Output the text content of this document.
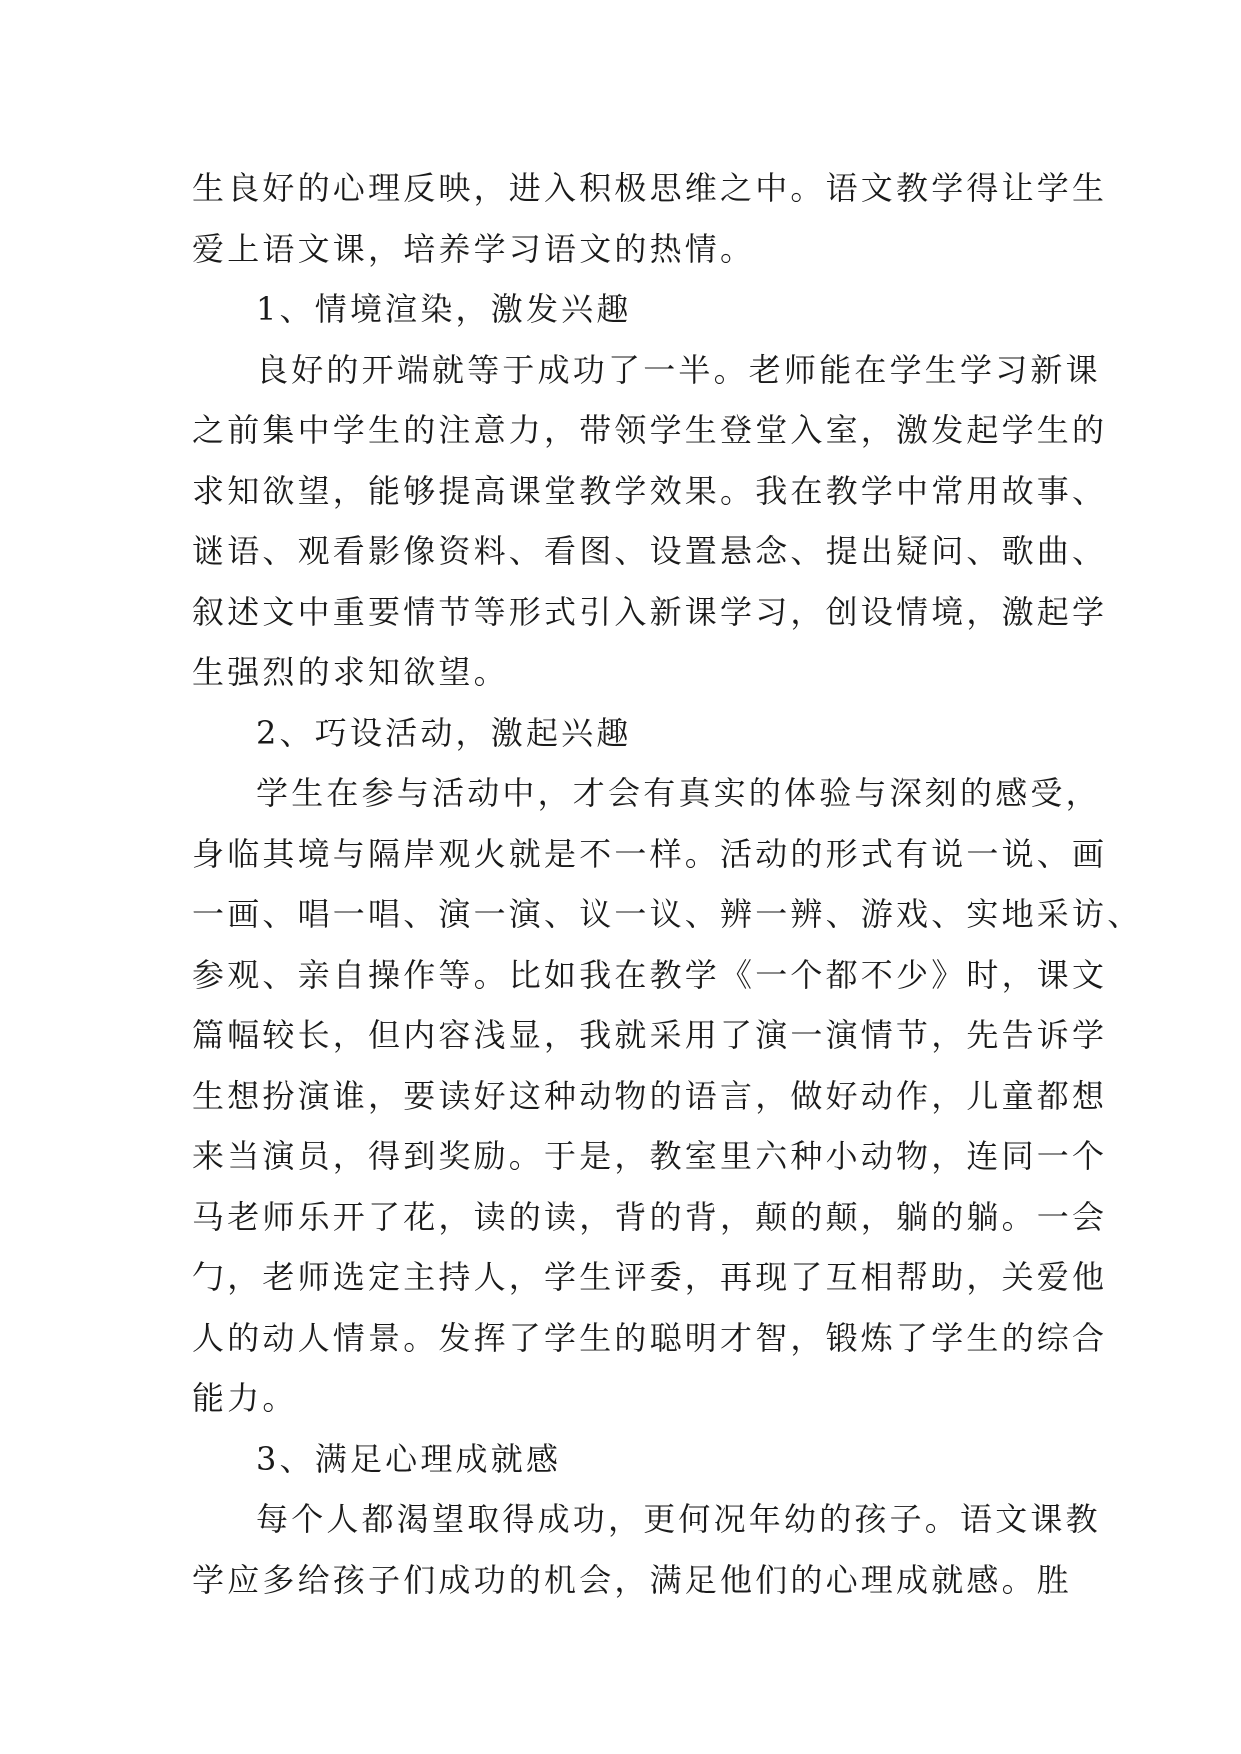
生良好的心理反映，进入积极思维之中。语文教学得让学生
爱上语文课，培养学习语文的热情。
1、情境渲染，激发兴趣
良好的开端就等于成功了一半。老师能在学生学习新课
之前集中学生的注意力，带领学生登堂入室，激发起学生的
求知欲望，能够提高课堂教学效果。我在教学中常用故事、
谜语、观看影像资料、看图、设置悬念、提出疑问、歌曲、
叙述文中重要情节等形式引入新课学习，创设情境，激起学
生强烈的求知欲望。
2、巧设活动，激起兴趣
学生在参与活动中，才会有真实的体验与深刻的感受，
身临其境与隔岸观火就是不一样。活动的形式有说一说、画
一画、唱一唱、演一演、议一议、辨一辨、游戏、实地采访、
参观、亲自操作等。比如我在教学《一个都不少》时，课文
篇幅较长，但内容浅显，我就采用了演一演情节，先告诉学
生想扮演谁，要读好这种动物的语言，做好动作，儿童都想
来当演员，得到奖励。于是，教室里六种小动物，连同一个
马老师乐开了花，读的读，背的背，颠的颠，躺的躺。一会
勹，老师选定主持人，学生评委，再现了互相帮助，关爱他
人的动人情景。发挥了学生的聪明才智，锻炼了学生的综合
能力。
3、满足心理成就感
每个人都渴望取得成功，更何况年幼的孩子。语文课教
学应多给孩子们成功的机会，满足他们的心理成就感。胜
